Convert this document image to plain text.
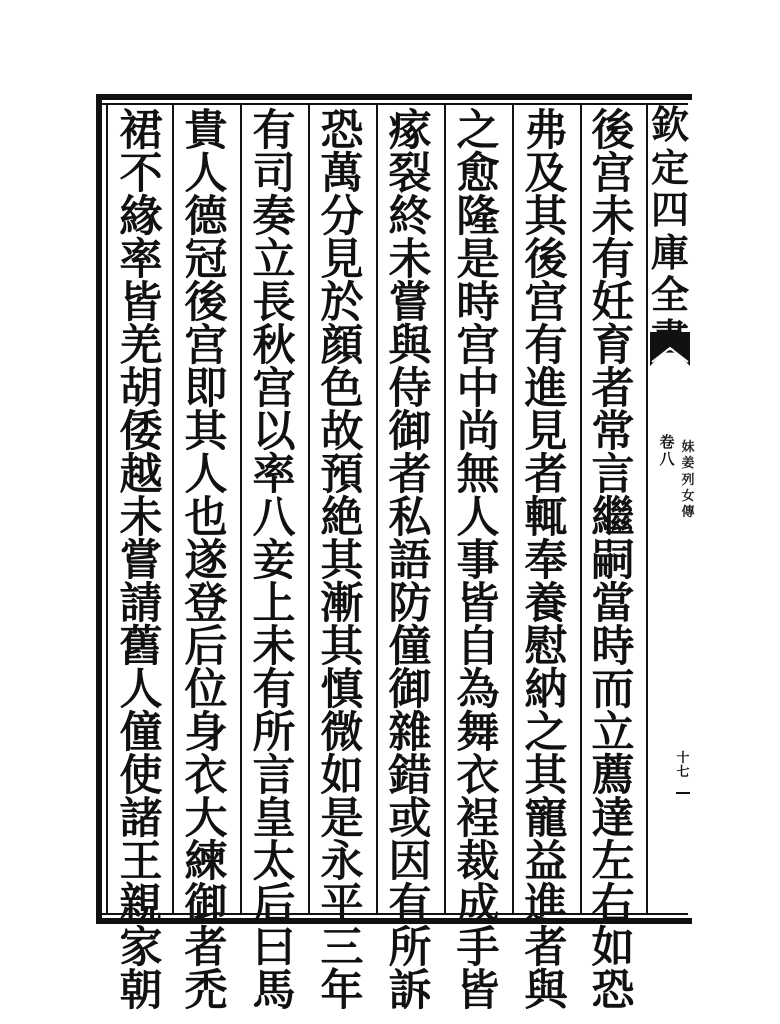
欽
定
四
庫
全
妹
姜
列
女
傳
卷
八
十
七
後
宫
未
有
妊
育
者
常
言
繼
嗣
當
時
而
立
薦
達
左
右
如
恐
弗
及
其
後
宫
有
進
見
者
輒
奉
養
慰
納
之
其
寵
益
進
者
與
之
愈
隆
是
時
宫
中
尚
無
人
事
皆
自
為
舞
衣
裎
裁
成
手
皆
瘃
裂
終
未
嘗
與
侍
御
者
私
語
防
僮
御
雜
錯
或
因
有
所
訴
恐
萬
分
見
於
顔
色
故
預
絶
其
漸
其
慎
微
如
是
永
平
三
年
有
司
奏
立
長
秋
宫
以
率
八
妾
上
未
有
所
言
皇
太
后
曰
馬
貴
人
德
冠
後
宫
即
其
人
也
遂
登
后
位
身
衣
大
練
御
者
禿
裙
不
緣
率
皆
羌
胡
倭
越
未
嘗
請
舊
人
僮
使
諸
王
親
家
朝
